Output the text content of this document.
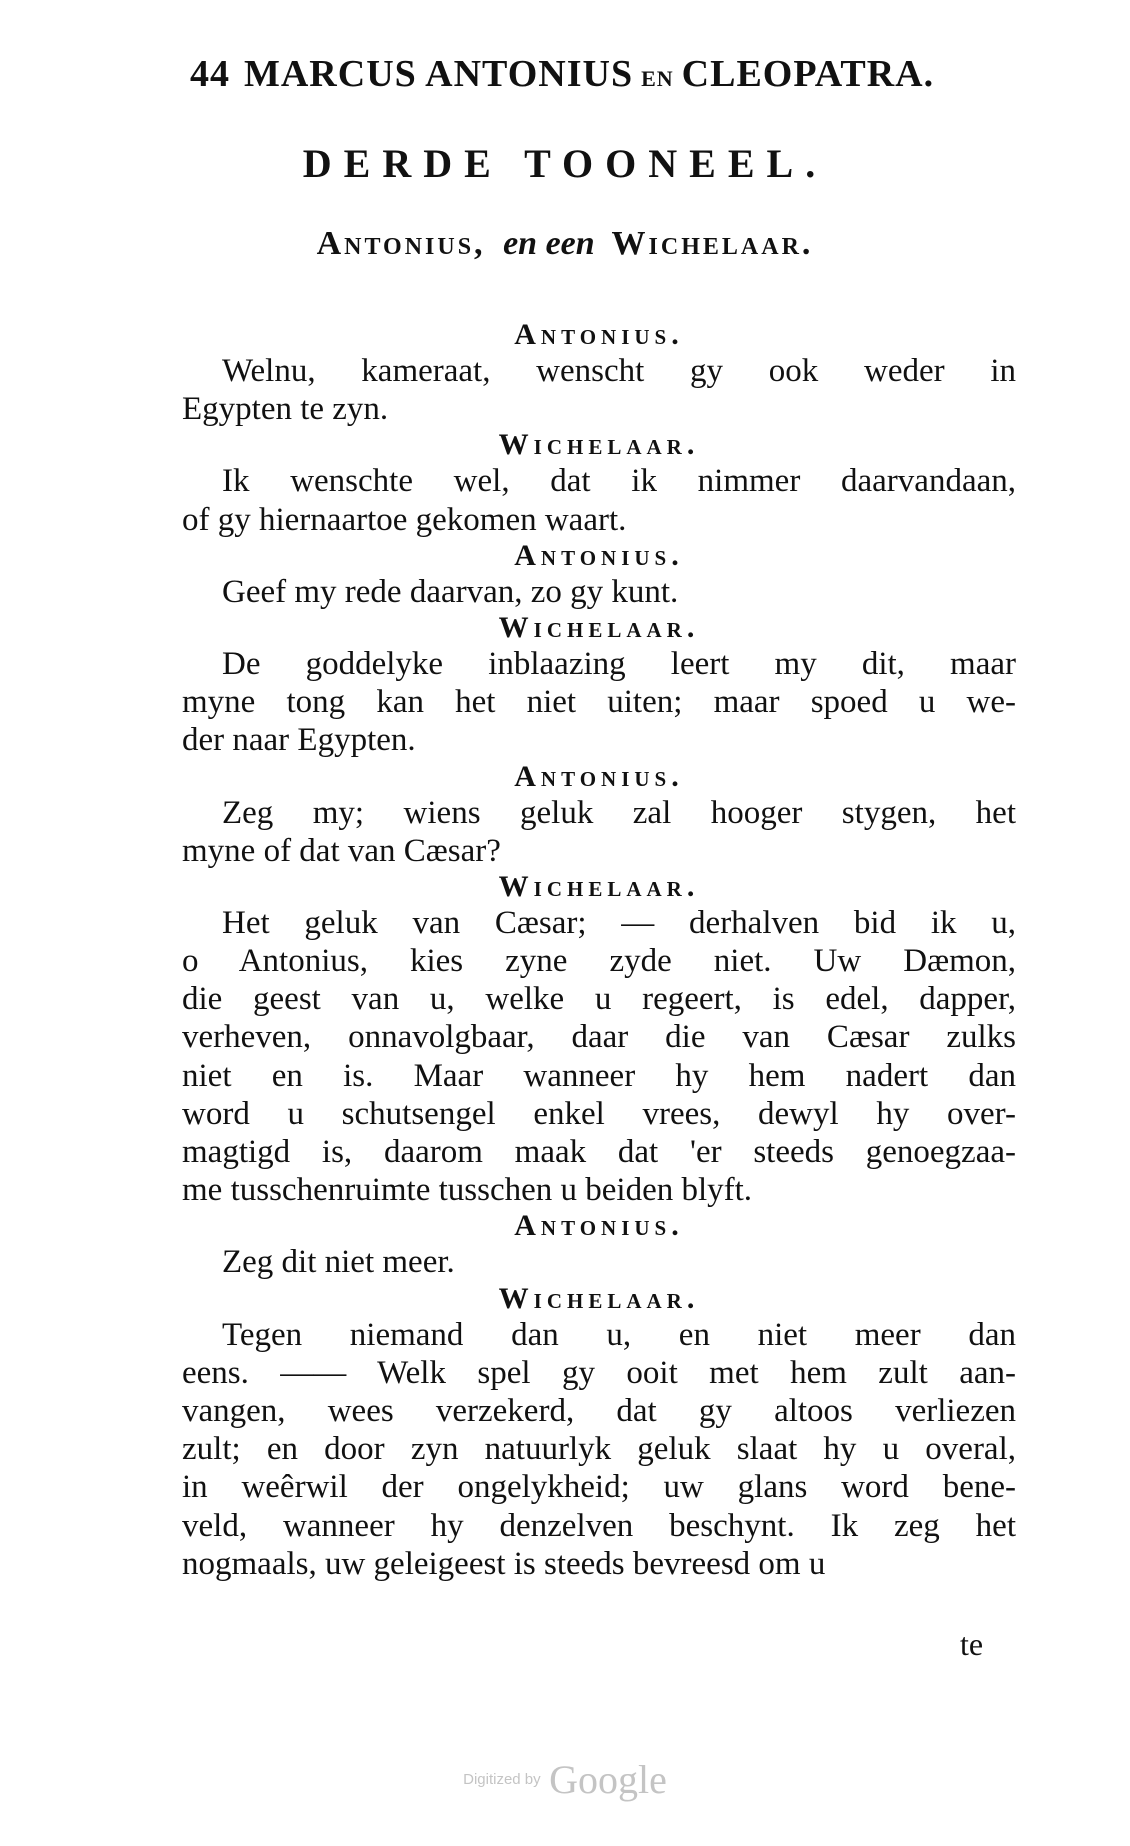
44 MARCUS ANTONIUS EN CLEOPATRA.
DERDE TOONEEL.
Antonius, en een Wichelaar.
Antonius.
Welnu, kameraat, wenscht gy ook weder in
Egypten te zyn.
Wichelaar.
Ik wenschte wel, dat ik nimmer daarvandaan,
of gy hiernaartoe gekomen waart.
Antonius.
Geef my rede daarvan, zo gy kunt.
Wichelaar.
De goddelyke inblaazing leert my dit, maar
myne tong kan het niet uiten; maar spoed u we-
der naar Egypten.
Antonius.
Zeg my; wiens geluk zal hooger stygen, het
myne of dat van Cæsar?
Wichelaar.
Het geluk van Cæsar; — derhalven bid ik u,
o Antonius, kies zyne zyde niet. Uw Dæmon,
die geest van u, welke u regeert, is edel, dapper,
verheven, onnavolgbaar, daar die van Cæsar zulks
niet en is. Maar wanneer hy hem nadert dan
word u schutsengel enkel vrees, dewyl hy over-
magtigd is, daarom maak dat 'er steeds genoegzaa-
me tusschenruimte tusschen u beiden blyft.
Antonius.
Zeg dit niet meer.
Wichelaar.
Tegen niemand dan u, en niet meer dan
eens. —— Welk spel gy ooit met hem zult aan-
vangen, wees verzekerd, dat gy altoos verliezen
zult; en door zyn natuurlyk geluk slaat hy u overal,
in weêrwil der ongelykheid; uw glans word bene-
veld, wanneer hy denzelven beschynt. Ik zeg het
nogmaals, uw geleigeest is steeds bevreesd om u
te
Digitized by Google
